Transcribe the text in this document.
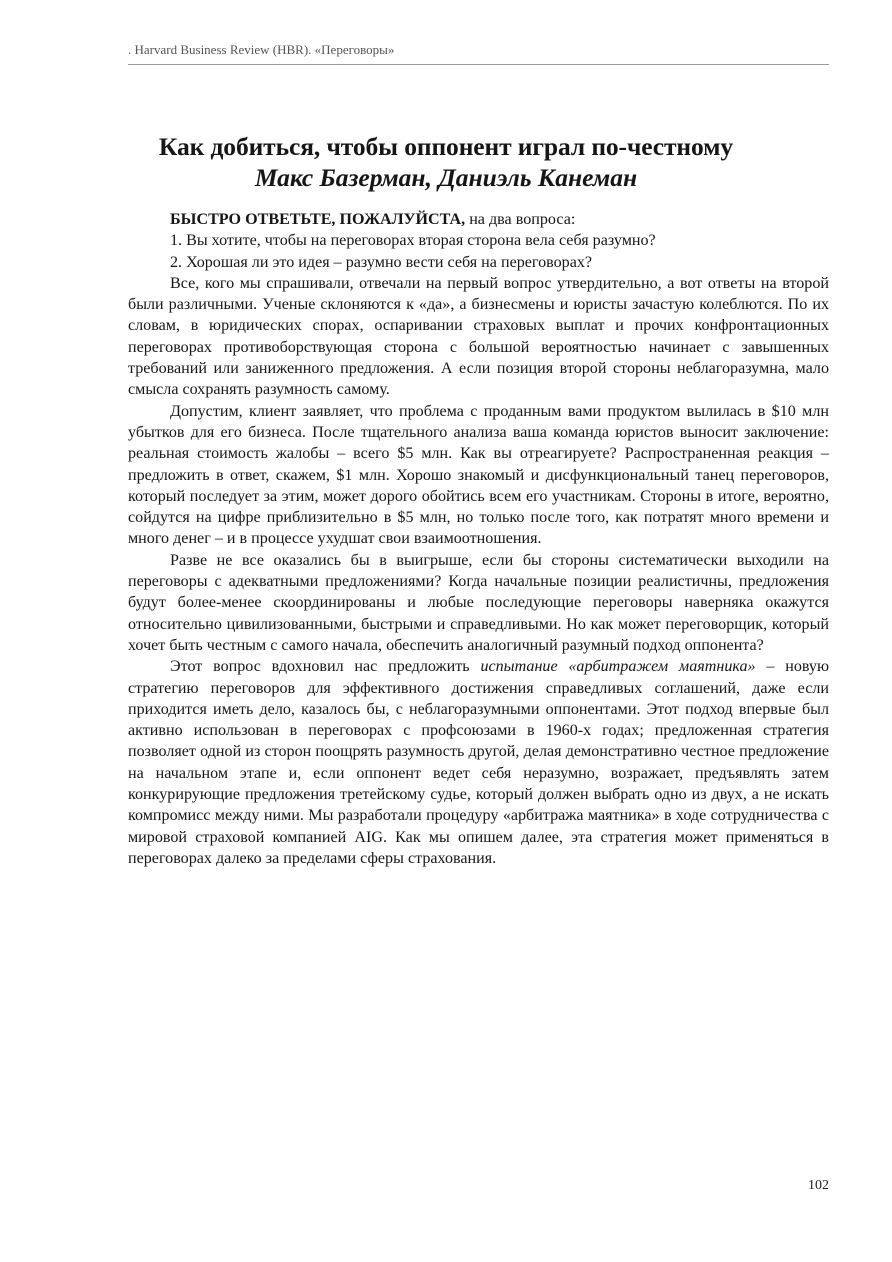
. Harvard Business Review (HBR). «Переговоры»
Как добиться, чтобы оппонент играл по-честному
Макс Базерман, Даниэль Канеман

БЫСТРО ОТВЕТЬТЕ, ПОЖАЛУЙСТА, на два вопроса:

1. Вы хотите, чтобы на переговорах вторая сторона вела себя разумно?

2. Хорошая ли это идея – разумно вести себя на переговорах?

Все, кого мы спрашивали, отвечали на первый вопрос утвердительно, а вот ответы на второй были различными. Ученые склоняются к «да», а бизнесмены и юристы зачастую колеблются. По их словам, в юридических спорах, оспаривании страховых выплат и прочих конфронтационных переговорах противоборствующая сторона с большой вероятностью начинает с завышенных требований или заниженного предложения. А если позиция второй стороны неблагоразумна, мало смысла сохранять разумность самому.

Допустим, клиент заявляет, что проблема с проданным вами продуктом вылилась в $10 млн убытков для его бизнеса. После тщательного анализа ваша команда юристов выносит заключение: реальная стоимость жалобы – всего $5 млн. Как вы отреагируете? Распространенная реакция – предложить в ответ, скажем, $1 млн. Хорошо знакомый и дисфункциональный танец переговоров, который последует за этим, может дорого обойтись всем его участникам. Стороны в итоге, вероятно, сойдутся на цифре приблизительно в $5 млн, но только после того, как потратят много времени и много денег – и в процессе ухудшат свои взаимоотношения.

Разве не все оказались бы в выигрыше, если бы стороны систематически выходили на переговоры с адекватными предложениями? Когда начальные позиции реалистичны, предложения будут более-менее скоординированы и любые последующие переговоры наверняка окажутся относительно цивилизованными, быстрыми и справедливыми. Но как может переговорщик, который хочет быть честным с самого начала, обеспечить аналогичный разумный подход оппонента?

Этот вопрос вдохновил нас предложить испытание «арбитражем маятника» – новую стратегию переговоров для эффективного достижения справедливых соглашений, даже если приходится иметь дело, казалось бы, с неблагоразумными оппонентами. Этот подход впервые был активно использован в переговорах с профсоюзами в 1960-х годах; предложенная стратегия позволяет одной из сторон поощрять разумность другой, делая демонстративно честное предложение на начальном этапе и, если оппонент ведет себя неразумно, возражает, предъявлять затем конкурирующие предложения третейскому судье, который должен выбрать одно из двух, а не искать компромисс между ними. Мы разработали процедуру «арбитража маятника» в ходе сотрудничества с мировой страховой компанией AIG. Как мы опишем далее, эта стратегия может применяться в переговорах далеко за пределами сферы страхования.

102
